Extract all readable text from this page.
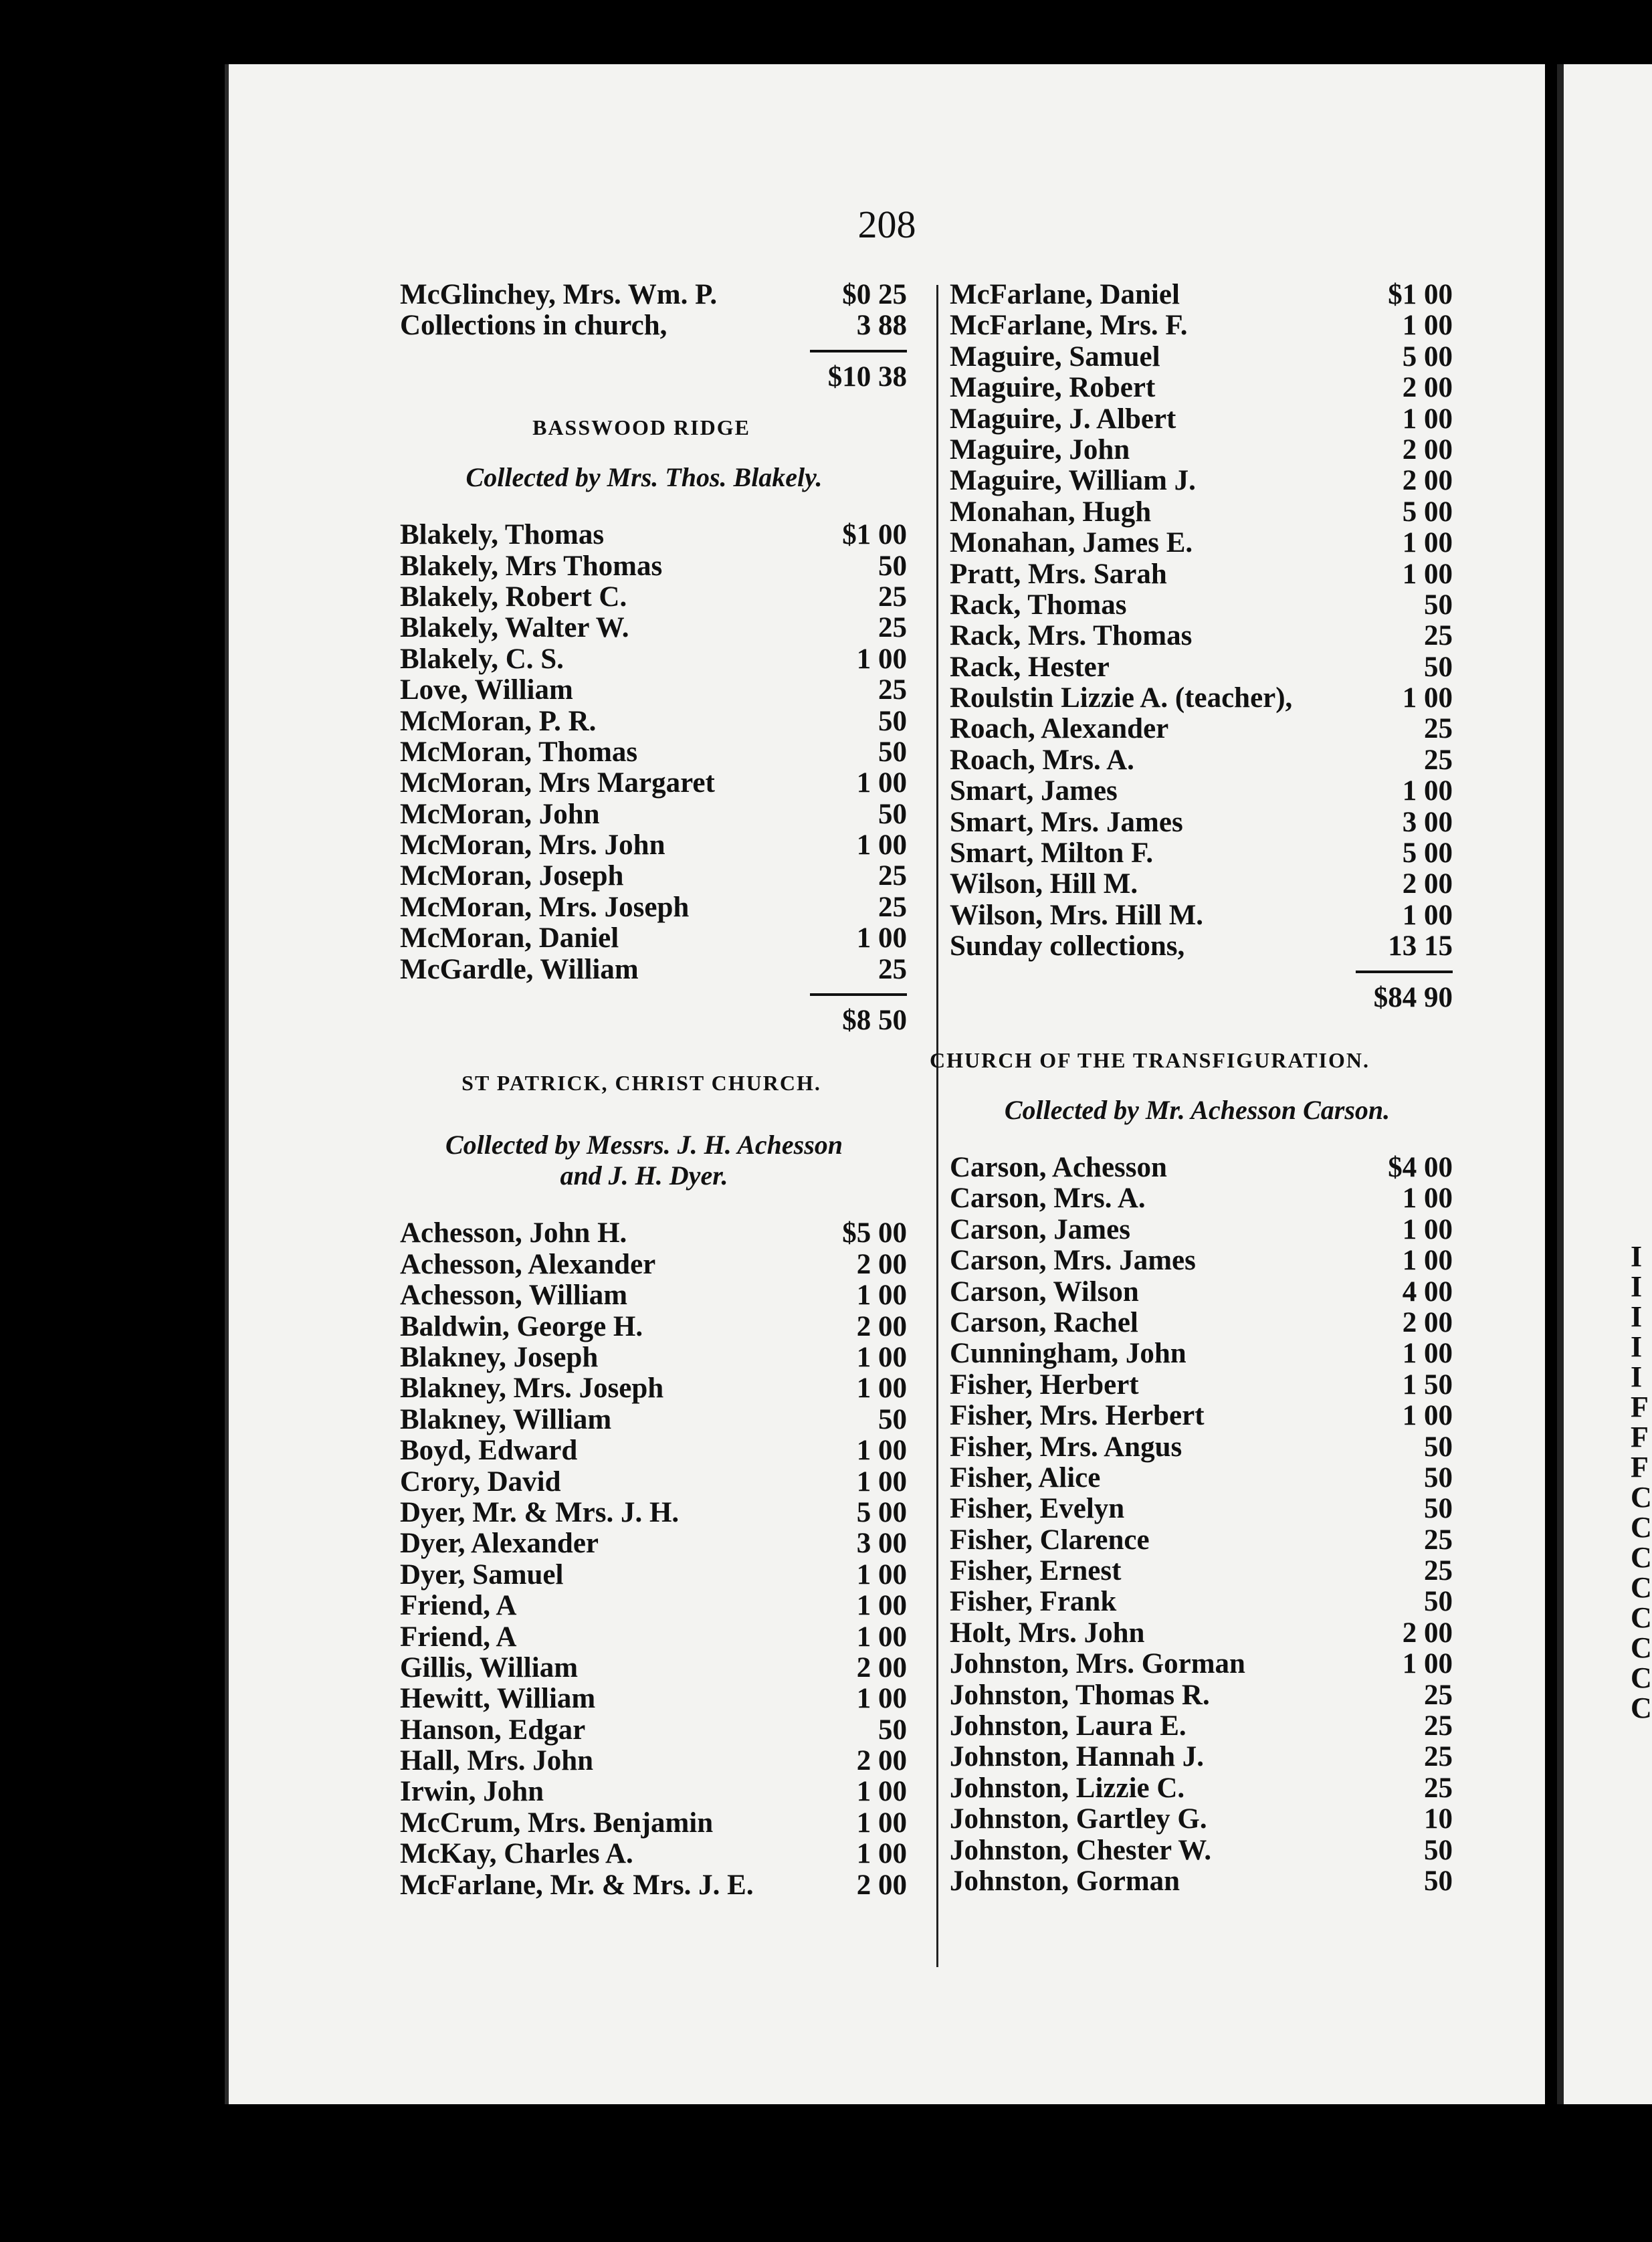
208
McGlinchey, Mrs. Wm. P.	$0 25
Collections in church,	3 88
$10 38
BASSWOOD RIDGE
Collected by Mrs. Thos. Blakely.
Blakely, Thomas	$1 00
Blakely, Mrs Thomas	50
Blakely, Robert C.	25
Blakely, Walter W.	25
Blakely, C. S.	1 00
Love, William	25
McMoran, P. R.	50
McMoran, Thomas	50
McMoran, Mrs Margaret	1 00
McMoran, John	50
McMoran, Mrs. John	1 00
McMoran, Joseph	25
McMoran, Mrs. Joseph	25
McMoran, Daniel	1 00
McGardle, William	25
$8 50
ST PATRICK, CHRIST CHURCH.
Collected by Messrs. J. H. Achesson
and J. H. Dyer.
Achesson, John H.	$5 00
Achesson, Alexander	2 00
Achesson, William	1 00
Baldwin, George H.	2 00
Blakney, Joseph	1 00
Blakney, Mrs. Joseph	1 00
Blakney, William	50
Boyd, Edward	1 00
Crory, David	1 00
Dyer, Mr. & Mrs. J. H.	5 00
Dyer, Alexander	3 00
Dyer, Samuel	1 00
Friend, A	1 00
Friend, A	1 00
Gillis, William	2 00
Hewitt, William	1 00
Hanson, Edgar	50
Hall, Mrs. John	2 00
Irwin, John	1 00
McCrum, Mrs. Benjamin	1 00
McKay, Charles A.	1 00
McFarlane, Mr. & Mrs. J. E.	2 00
McFarlane, Daniel	$1 00
McFarlane, Mrs. F.	1 00
Maguire, Samuel	5 00
Maguire, Robert	2 00
Maguire, J. Albert	1 00
Maguire, John	2 00
Maguire, William J.	2 00
Monahan, Hugh	5 00
Monahan, James E.	1 00
Pratt, Mrs. Sarah	1 00
Rack, Thomas	50
Rack, Mrs. Thomas	25
Rack, Hester	50
Roulstin Lizzie A. (teacher),	1 00
Roach, Alexander	25
Roach, Mrs. A.	25
Smart, James	1 00
Smart, Mrs. James	3 00
Smart, Milton F.	5 00
Wilson, Hill M.	2 00
Wilson, Mrs. Hill M.	1 00
Sunday collections,	13 15
$84 90
CHURCH OF THE TRANSFIGURATION.
Collected by Mr. Achesson Carson.
Carson, Achesson	$4 00
Carson, Mrs. A.	1 00
Carson, James	1 00
Carson, Mrs. James	1 00
Carson, Wilson	4 00
Carson, Rachel	2 00
Cunningham, John	1 00
Fisher, Herbert	1 50
Fisher, Mrs. Herbert	1 00
Fisher, Mrs. Angus	50
Fisher, Alice	50
Fisher, Evelyn	50
Fisher, Clarence	25
Fisher, Ernest	25
Fisher, Frank	50
Holt, Mrs. John	2 00
Johnston, Mrs. Gorman	1 00
Johnston, Thomas R.	25
Johnston, Laura E.	25
Johnston, Hannah J.	25
Johnston, Lizzie C.	25
Johnston, Gartley G.	10
Johnston, Chester W.	50
Johnston, Gorman	50
I
I
I
I
I
F
F
F
C
C
C
C
C
C
C
C
